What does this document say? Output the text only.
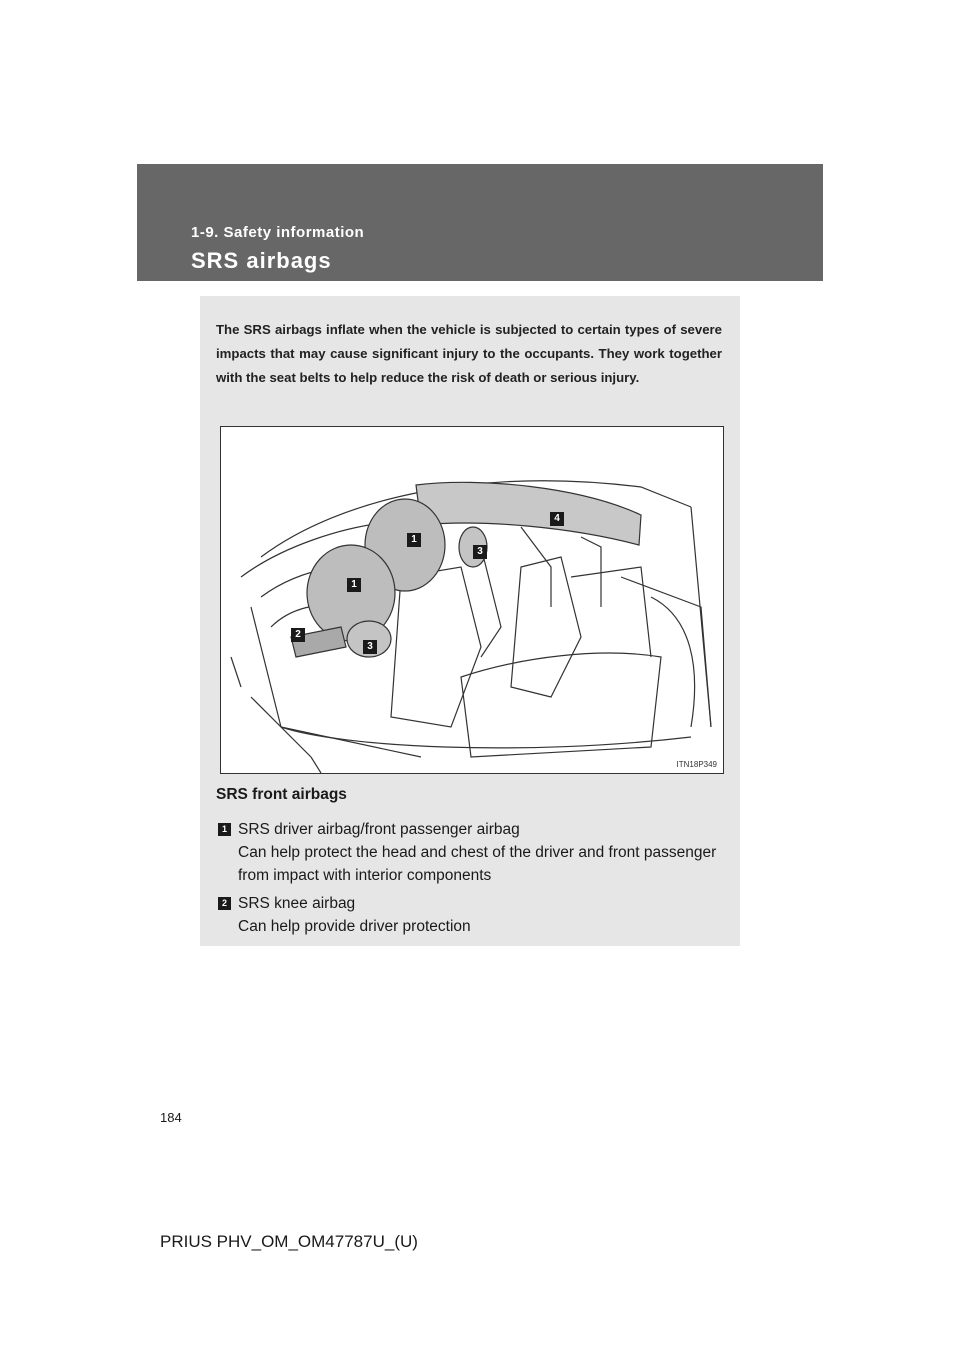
1-9. Safety information
SRS airbags
The SRS airbags inflate when the vehicle is subjected to certain types of severe impacts that may cause significant injury to the occupants. They work together with the seat belts to help reduce the risk of death or serious injury.
1
1
2
3
3
4
ITN18P349
SRS front airbags
1 SRS driver airbag/front passenger airbag
Can help protect the head and chest of the driver and front passenger from impact with interior components
2 SRS knee airbag
Can help provide driver protection
184
PRIUS PHV_OM_OM47787U_(U)
